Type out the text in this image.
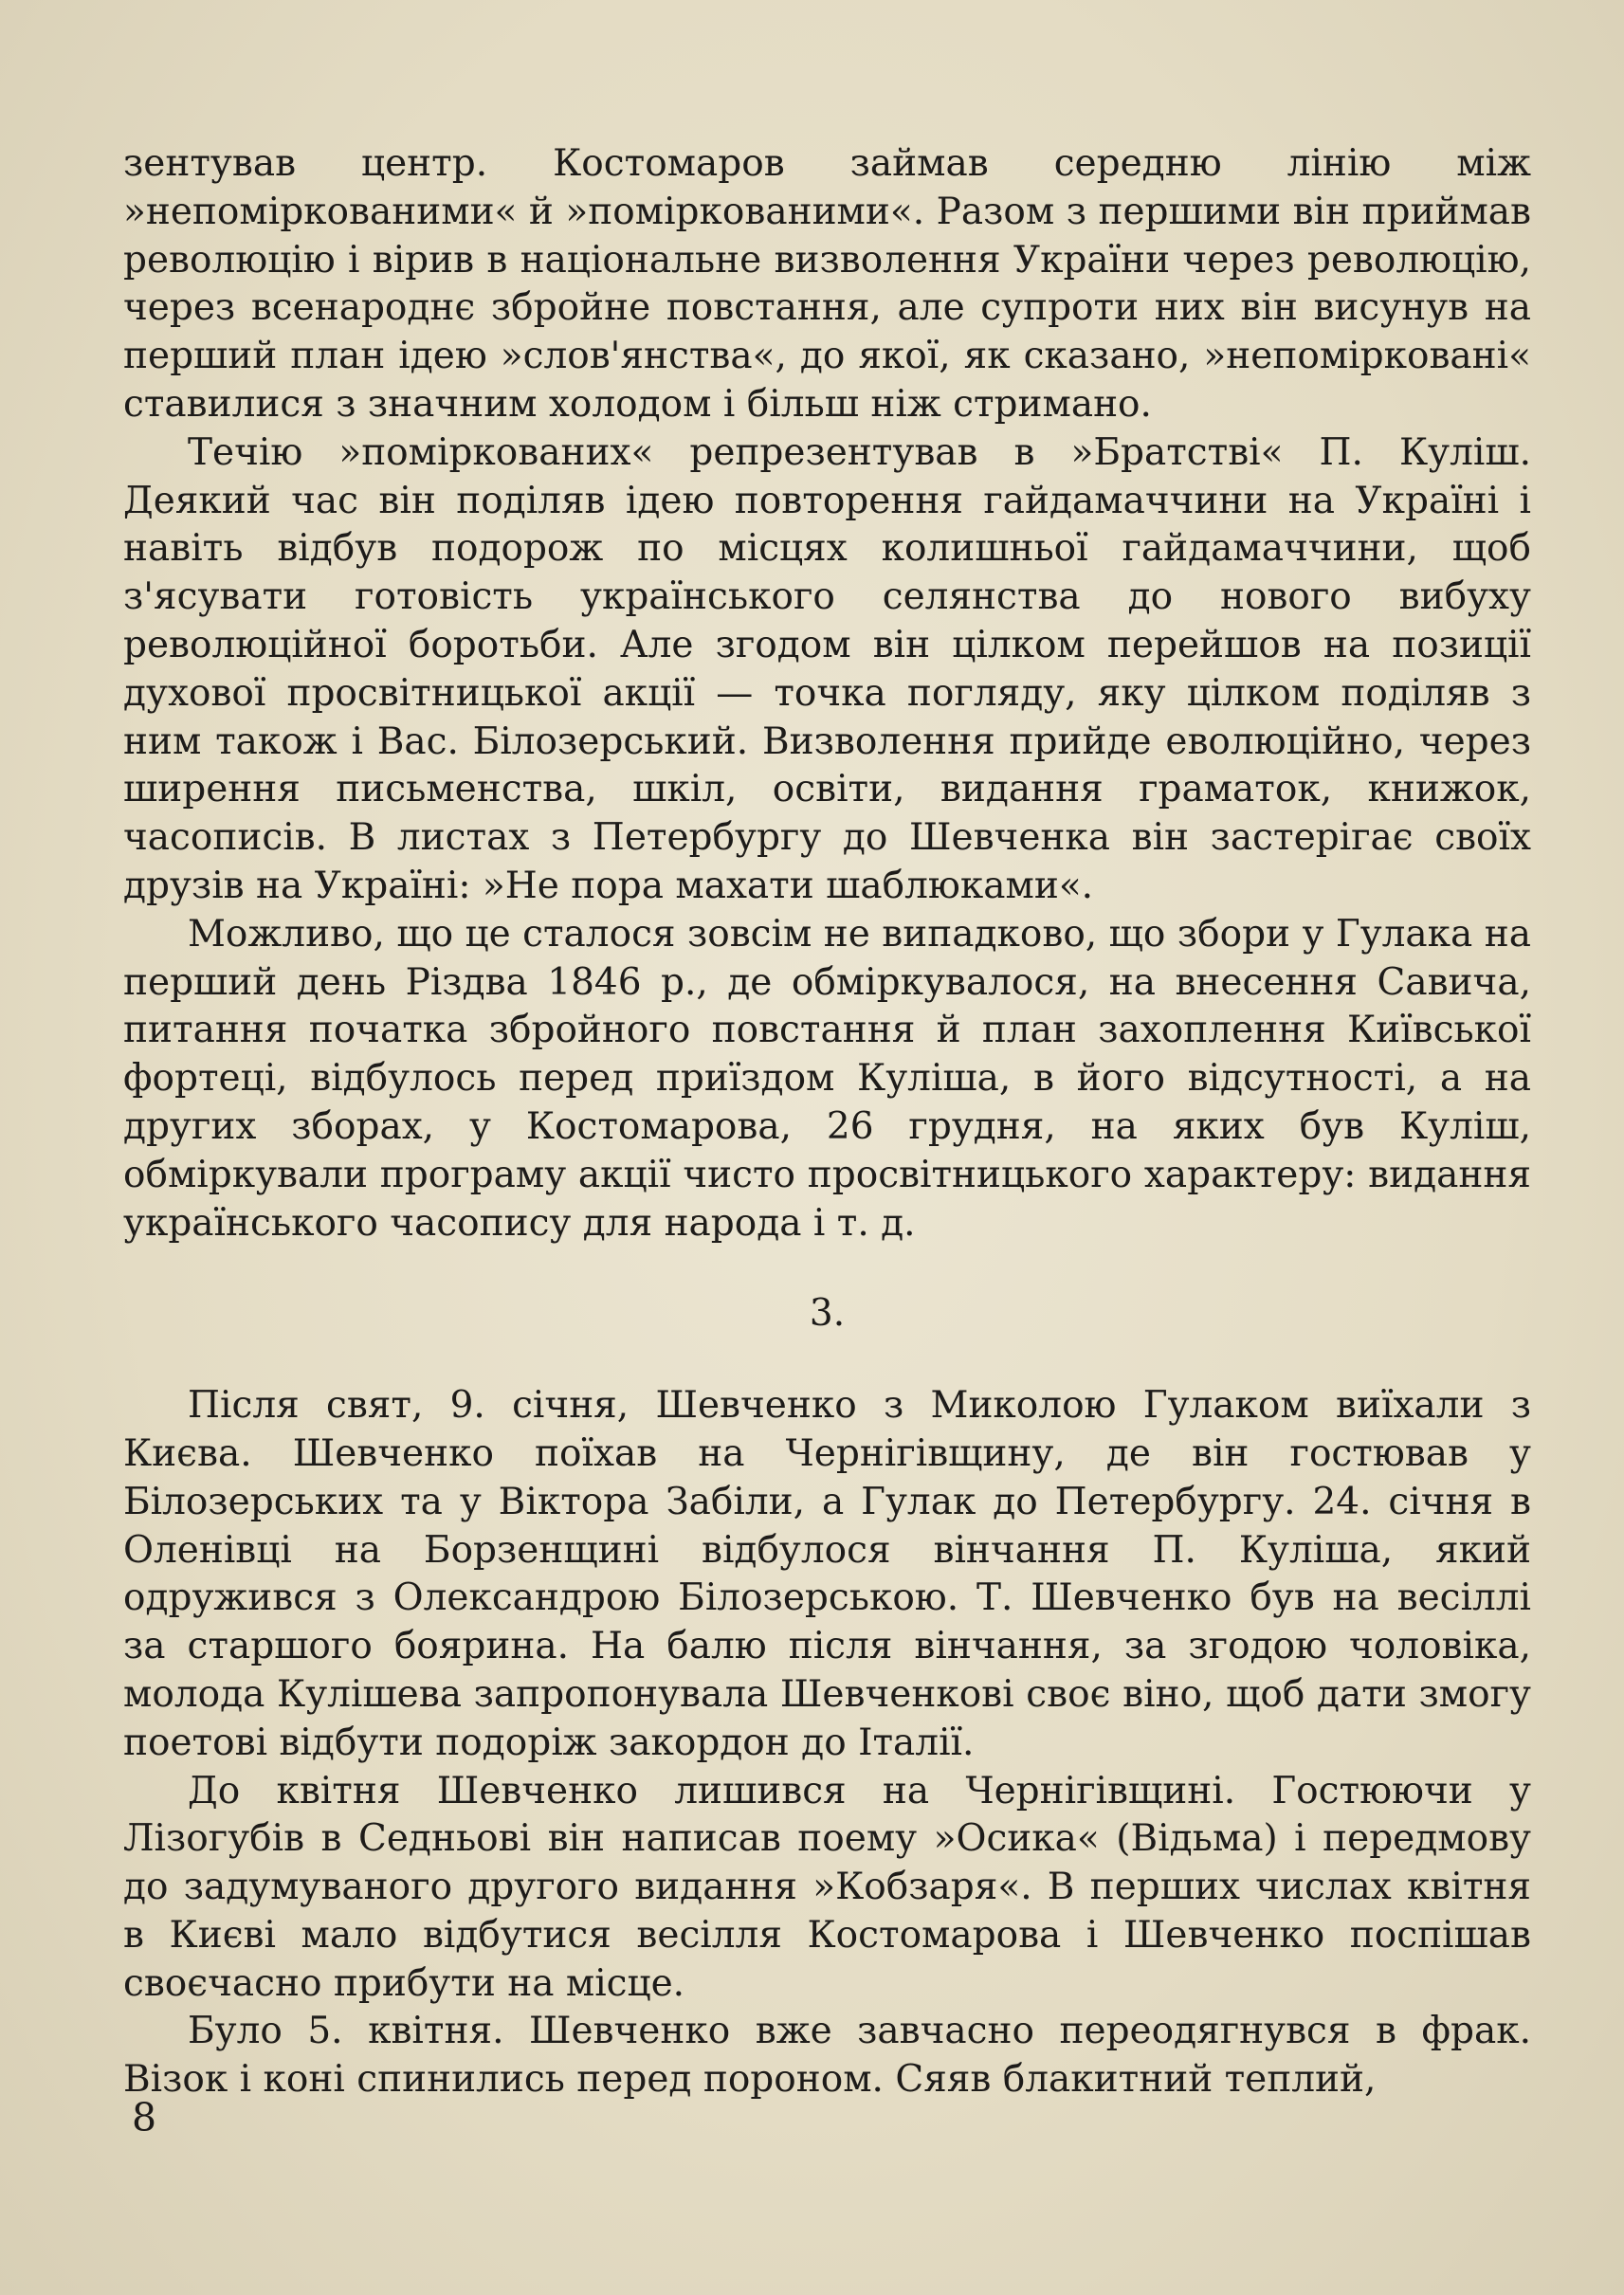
зентував центр. Костомаров займав середню лінію між »непоміркованими« й »поміркованими«. Разом з першими він приймав революцію і вірив в національне визволення України через революцію, через всенароднє збройне повстання, але супроти них він висунув на перший план ідею »слов'янства«, до якої, як сказано, »непоміркованi« ставилися з значним холодом і більш ніж стримано.

Течію »поміркованих« репрезентував в »Братстві« П. Куліш. Деякий час він поділяв ідею повторення гайдамаччини на Україні і навіть відбув подорож по місцях колишньої гайдамаччини, щоб з'ясувати готовість українського селянства до нового вибуху революційної боротьби. Але згодом він цілком перейшов на позиції духової просвітницької акції — точка погляду, яку цілком поділяв з ним також і Вас. Білозерський. Визволення прийде еволюційно, через ширення письменства, шкіл, освіти, видання граматок, книжок, часописів. В листах з Петербургу до Шевченка він застерігає своїх друзів на Україні: »Не пора махати шаблюками«.

Можливо, що це сталося зовсім не випадково, що збори у Гулака на перший день Різдва 1846 р., де обміркувалося, на внесення Савича, питання початка збройного повстання й план захоплення Київської фортеці, відбулось перед приїздом Куліша, в його відсутності, а на других зборах, у Костомарова, 26 грудня, на яких був Куліш, обміркували програму акції чисто просвітницького характеру: видання українського часопису для народа і т. д.

3.

Після свят, 9. січня, Шевченко з Миколою Гулаком виїхали з Києва. Шевченко поїхав на Чернігівщину, де він гостював у Білозерських та у Віктора Забіли, а Гулак до Петербургу. 24. січня в Оленівці на Борзенщині відбулося вінчання П. Куліша, який одружився з Олександрою Білозерською. Т. Шевченко був на весіллі за старшого боярина. На балю після вінчання, за згодою чоловіка, молода Кулішева запропонувала Шевченкові своє віно, щоб дати змогу поетові відбути подоріж закордон до Італії.

До квітня Шевченко лишився на Чернігівщині. Гостюючи у Лізогубів в Седньові він написав поему »Осика« (Відьма) і передмову до задумуваного другого видання »Кобзаря«. В перших числах квітня в Києві мало відбутися весілля Костомарова і Шевченко поспішав своєчасно прибути на місце.

Було 5. квітня. Шевченко вже завчасно переодягнувся в фрак. Візок і коні спинились перед пороном. Сяяв блакитний теплий,

8
